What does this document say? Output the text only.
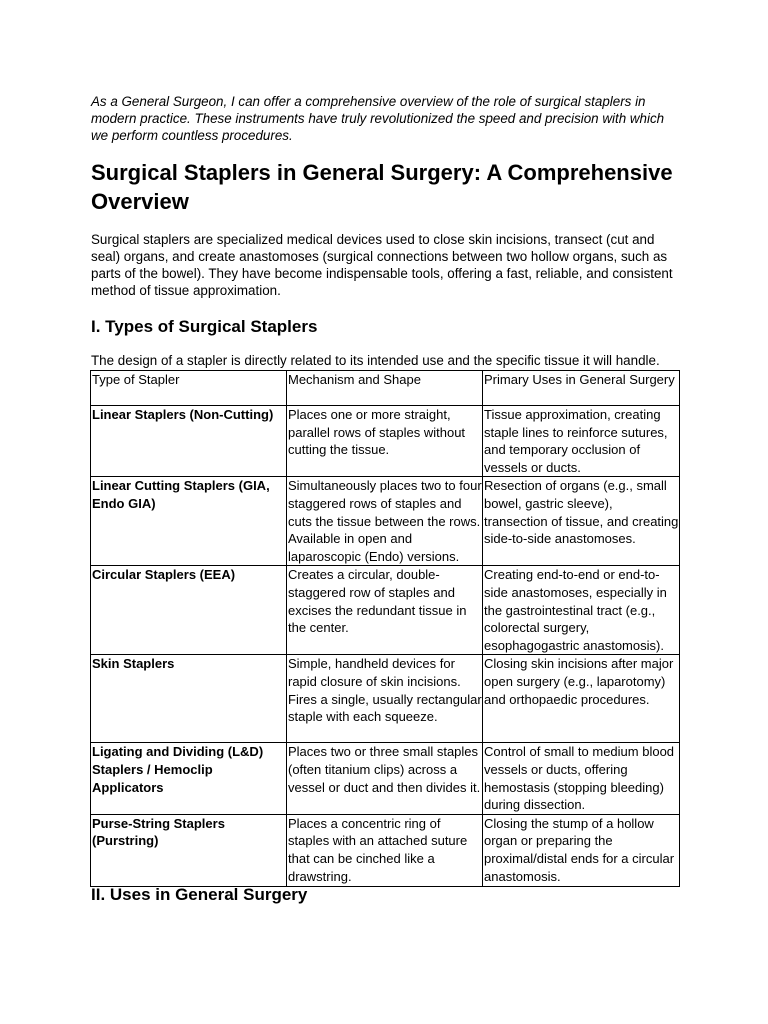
As a General Surgeon, I can offer a comprehensive overview of the role of surgical staplers in modern practice. These instruments have truly revolutionized the speed and precision with which we perform countless procedures.

Surgical Staplers in General Surgery: A Comprehensive Overview

Surgical staplers are specialized medical devices used to close skin incisions, transect (cut and seal) organs, and create anastomoses (surgical connections between two hollow organs, such as parts of the bowel). They have become indispensable tools, offering a fast, reliable, and consistent method of tissue approximation.

I. Types of Surgical Staplers

The design of a stapler is directly related to its intended use and the specific tissue it will handle.

Type of Stapler	Mechanism and Shape	Primary Uses in General Surgery
Linear Staplers (Non-Cutting)	Places one or more straight, parallel rows of staples without cutting the tissue.	Tissue approximation, creating staple lines to reinforce sutures, and temporary occlusion of vessels or ducts.
Linear Cutting Staplers (GIA, Endo GIA)	Simultaneously places two to four staggered rows of staples and cuts the tissue between the rows. Available in open and laparoscopic (Endo) versions.	Resection of organs (e.g., small bowel, gastric sleeve), transection of tissue, and creating side-to-side anastomoses.
Circular Staplers (EEA)	Creates a circular, double-staggered row of staples and excises the redundant tissue in the center.	Creating end-to-end or end-to-side anastomoses, especially in the gastrointestinal tract (e.g., colorectal surgery, esophagogastric anastomosis).
Skin Staplers	Simple, handheld devices for rapid closure of skin incisions. Fires a single, usually rectangular staple with each squeeze.	Closing skin incisions after major open surgery (e.g., laparotomy) and orthopaedic procedures.
Ligating and Dividing (L&D) Staplers / Hemoclip Applicators	Places two or three small staples (often titanium clips) across a vessel or duct and then divides it.	Control of small to medium blood vessels or ducts, offering hemostasis (stopping bleeding) during dissection.
Purse-String Staplers (Purstring)	Places a concentric ring of staples with an attached suture that can be cinched like a drawstring.	Closing the stump of a hollow organ or preparing the proximal/distal ends for a circular anastomosis.
II. Uses in General Surgery
